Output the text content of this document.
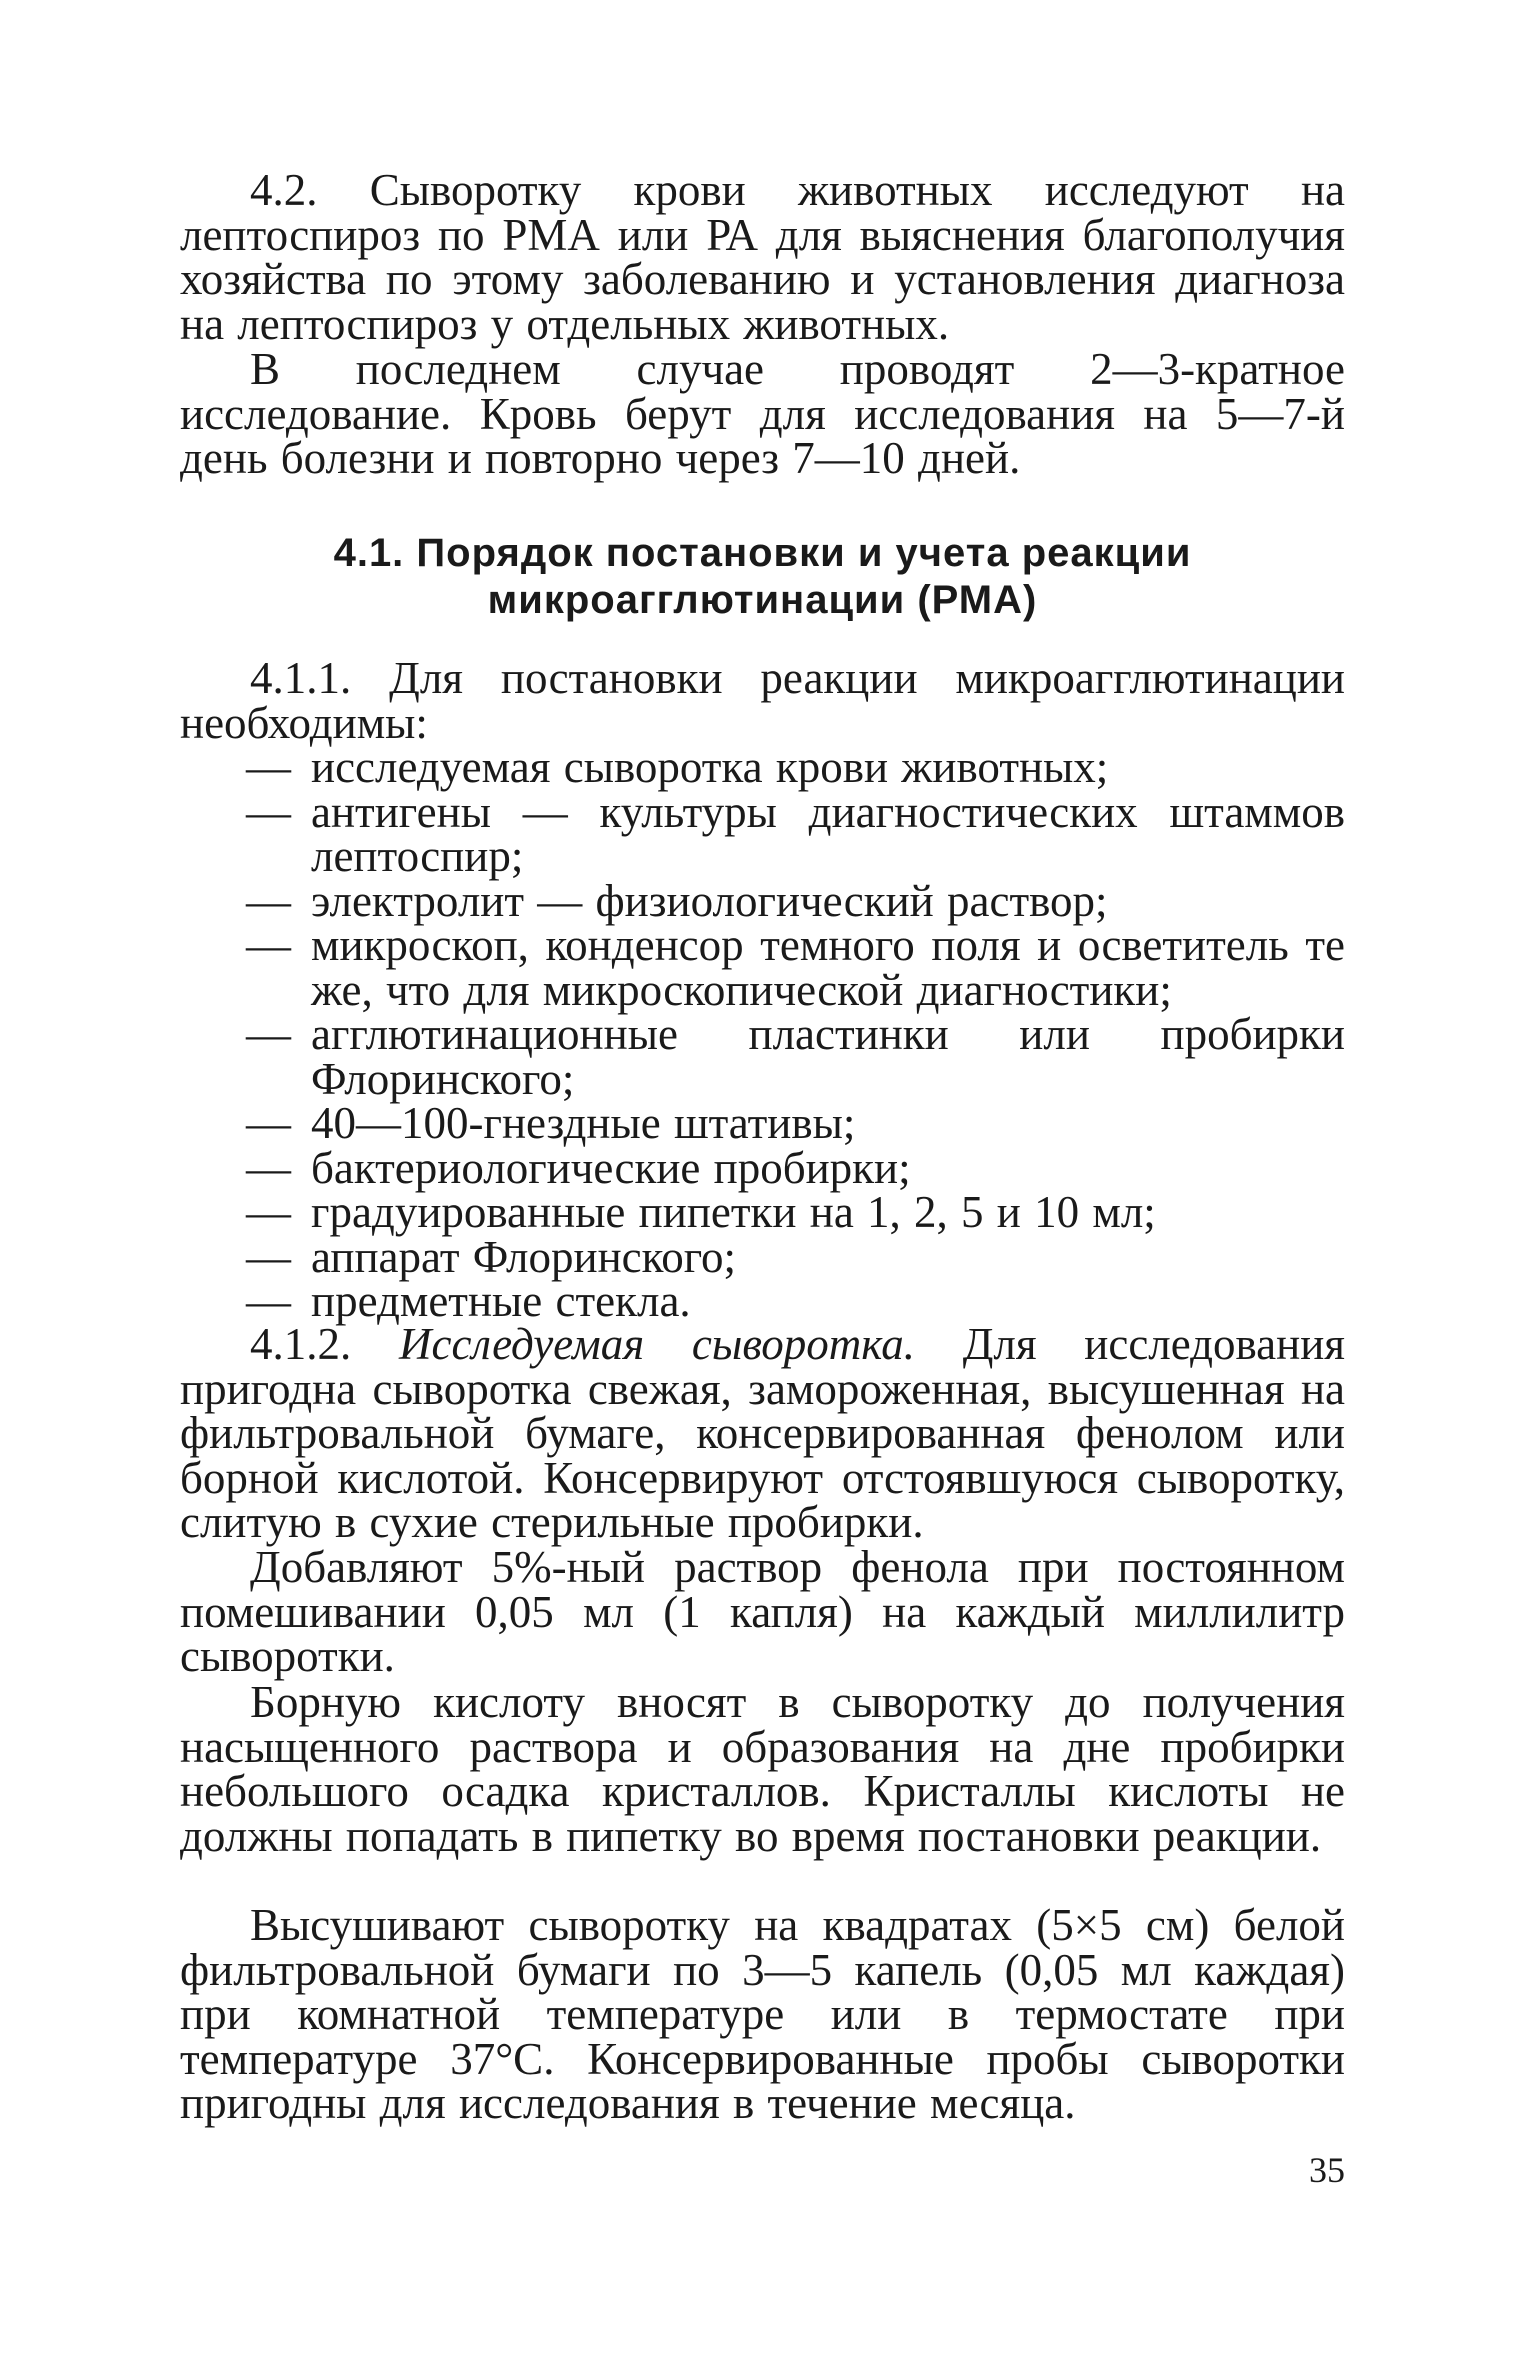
4.2. Сыворотку крови животных исследуют на лептоспироз по РМА или РА для выяснения благополучия хозяйства по этому заболеванию и установления диагноза на лептоспироз у отдельных животных.

В последнем случае проводят 2—3-кратное исследование. Кровь берут для исследования на 5—7-й день болезни и повторно через 7—10 дней.

4.1. Порядок постановки и учета реакции
микроагглютинации (РМА)

4.1.1. Для постановки реакции микроагглютинации необходимы:

— исследуемая сыворотка крови животных;
— антигены — культуры диагностических штаммов лептоспир;
— электролит — физиологический раствор;
— микроскоп, конденсор темного поля и осветитель те же, что для микроскопической диагностики;
— агглютинационные пластинки или пробирки Флоринского;
— 40—100-гнездные штативы;
— бактериологические пробирки;
— градуированные пипетки на 1, 2, 5 и 10 мл;
— аппарат Флоринского;
— предметные стекла.

4.1.2. Исследуемая сыворотка. Для исследования пригодна сыворотка свежая, замороженная, высушенная на фильтровальной бумаге, консервированная фенолом или борной кислотой. Консервируют отстоявшуюся сыворотку, слитую в сухие стерильные пробирки.

Добавляют 5%-ный раствор фенола при постоянном помешивании 0,05 мл (1 капля) на каждый миллилитр сыворотки.

Борную кислоту вносят в сыворотку до получения насыщенного раствора и образования на дне пробирки небольшого осадка кристаллов. Кристаллы кислоты не должны попадать в пипетку во время постановки реакции.

Высушивают сыворотку на квадратах (5×5 см) белой фильтровальной бумаги по 3—5 капель (0,05 мл каждая) при комнатной температуре или в термостате при температуре 37°С. Консервированные пробы сыворотки пригодны для исследования в течение месяца.

35
